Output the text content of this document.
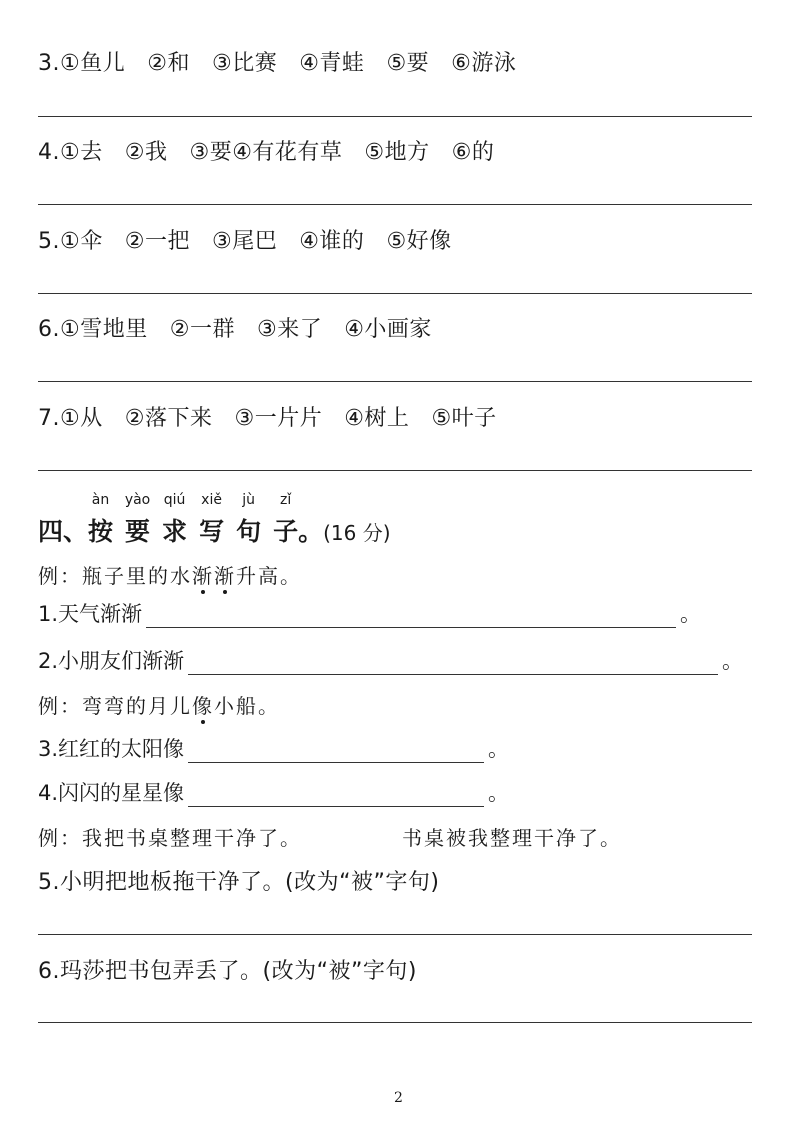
3.①鱼儿 ②和 ③比赛 ④青蛙 ⑤要 ⑥游泳
4.①去 ②我 ③要④有花有草 ⑤地方 ⑥的
5.①伞 ②一把 ③尾巴 ④谁的 ⑤好像
6.①雪地里 ②一群 ③来了 ④小画家
7.①从 ②落下来 ③一片片 ④树上 ⑤叶子
四、
àn
按
yào
要
qiú
求
xiě
写
jù
句
zǐ
子。(16 分)
例：瓶子里的水渐渐升高。
1.天气渐渐	。
2.小朋友们渐渐	。
例：弯弯的月儿像小船。
3.红红的太阳像	。
4.闪闪的星星像	。
例：我把书桌整理干净了。	书桌被我整理干净了。
5.小明把地板拖干净了。(改为“被”字句)
6.玛莎把书包弄丢了。(改为“被”字句)
2
